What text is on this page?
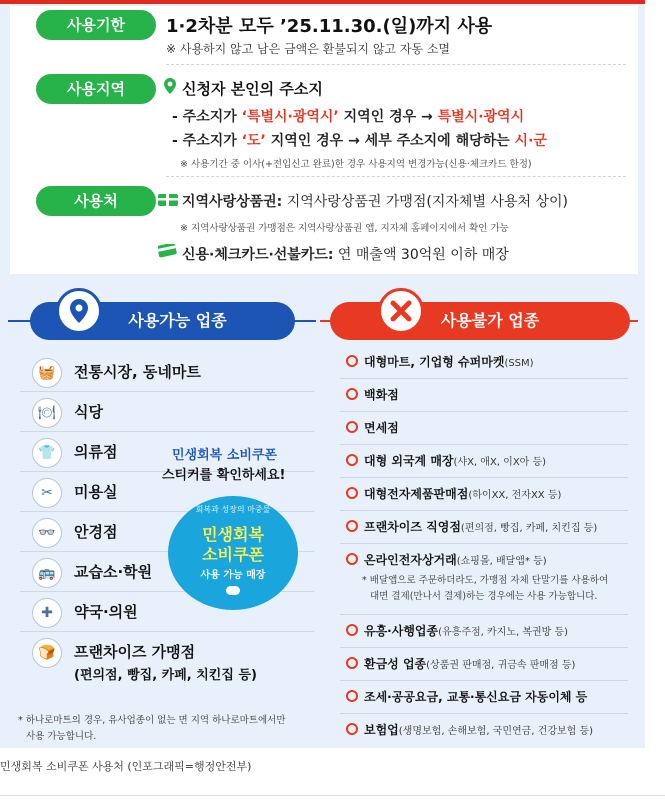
사용기한	1·2차분 모두 ’25.11.30.(일)까지 사용
※ 사용하지 않고 남은 금액은 환불되지 않고 자동 소멸
사용지역	신청자 본인의 주소지
- 주소지가 ‘특별시·광역시’ 지역인 경우 → 특별시·광역시
- 주소지가 ‘도’ 지역인 경우 → 세부 주소지에 해당하는 시·군
※ 사용기간 중 이사(+전입신고 완료)한 경우 사용지역 변경가능(신용·체크카드 한정)
사용처	지역사랑상품권: 지역사랑상품권 가맹점(지자체별 사용처 상이)
※ 지역사랑상품권 가맹점은 지역사랑상품권 앱, 지자체 홈페이지에서 확인 가능
신용·체크카드·선불카드: 연 매출액 30억원 이하 매장
사용가능 업종	사용불가 업종
🧺	전통시장, 동네마트
🍽	식당
👕	의류점
✂	미용실
👓	안경점
🚌	교습소·학원
✚	약국·의원
🍞	프랜차이즈 가맹점
(편의점, 빵집, 카페, 치킨집 등)
* 하나로마트의 경우, 유사업종이 없는 면 지역 하나로마트에서만
사용 가능합니다.
민생회복 소비쿠폰
스티커를 확인하세요!
회복과 성장의 마중물
민생회복
소비쿠폰
사용 가능 매장
대형마트, 기업형 슈퍼마켓(SSM)
백화점
면세점
대형 외국계 매장(샤X, 애X, 이X아 등)
대형전자제품판매점(하이XX, 전자XX 등)
프랜차이즈 직영점(편의점, 빵집, 카페, 치킨집 등)
온라인전자상거래(쇼핑몰, 배달앱* 등)
* 배달앱으로 주문하더라도, 가맹점 자체 단말기를 사용하여
대면 결제(만나서 결제)하는 경우에는 사용 가능합니다.
유흥·사행업종(유흥주점, 카지노, 복권방 등)
환금성 업종(상품권 판매점, 귀금속 판매점 등)
조세·공공요금, 교통·통신요금 자동이체 등
보험업(생명보험, 손해보험, 국민연금, 건강보험 등)
민생회복 소비쿠폰 사용처 (인포그래픽=행정안전부)
